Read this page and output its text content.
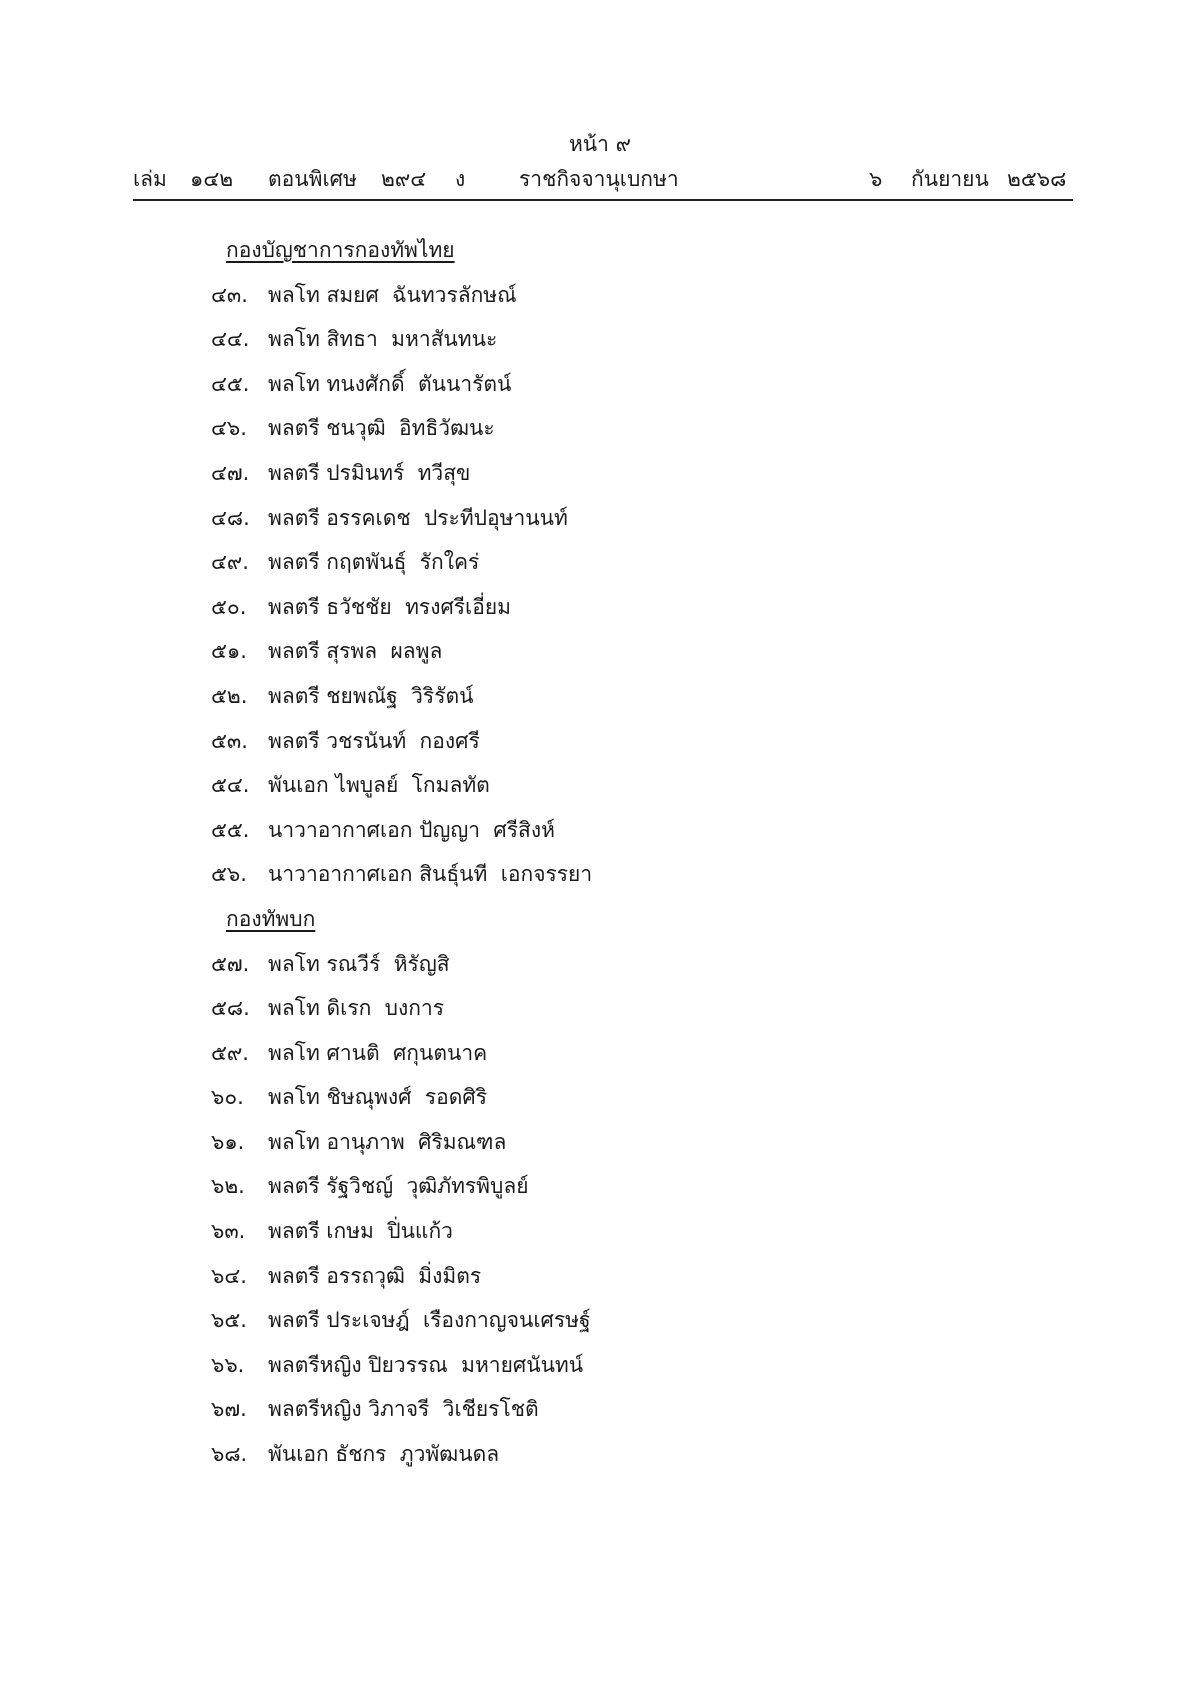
หน้า ๙
เล่ม ๑๔๒ ตอนพิเศษ ๒๙๔ ง	ราชกิจจานุเบกษา	๖ กันยายน ๒๕๖๘
กองบัญชาการกองทัพไทย
๔๓. พลโท สมยศ  ฉันทวรลักษณ์
๔๔. พลโท สิทธา  มหาสันทนะ
๔๕. พลโท ทนงศักดิ์  ตันนารัตน์
๔๖.	พลตรี ชนวุฒิ  อิทธิวัฒนะ
๔๗. พลตรี ปรมินทร์  ทวีสุข
๔๘. พลตรี อรรคเดช  ประทีปอุษานนท์
๔๙. พลตรี กฤตพันธุ์  รักใคร่
๕๐.	พลตรี ธวัชชัย  ทรงศรีเอี่ยม
๕๑.	พลตรี สุรพล  ผลพูล
๕๒. พลตรี ชยพณัฐ  วิริรัตน์
๕๓. พลตรี วชรนันท์  กองศรี
๕๔. พันเอก ไพบูลย์  โกมลทัต
๕๕. นาวาอากาศเอก ปัญญา  ศรีสิงห์
๕๖.	นาวาอากาศเอก สินธุ์นที  เอกจรรยา
กองทัพบก
๕๗. พลโท รณวีร์  หิรัญสิ
๕๘. พลโท ดิเรก  บงการ
๕๙. พลโท ศานติ  ศกุนตนาค
๖๐.	พลโท ชิษณุพงศ์  รอดศิริ
๖๑.	พลโท อานุภาพ  ศิริมณฑล
๖๒.	พลตรี รัฐวิชญ์  วุฒิภัทรพิบูลย์
๖๓.	พลตรี เกษม  ปิ่นแก้ว
๖๔.	พลตรี อรรถวุฒิ  มิ่งมิตร
๖๕.	พลตรี ประเจษฎ์  เรืองกาญจนเศรษฐ์
๖๖.	พลตรีหญิง ปิยวรรณ  มหายศนันทน์
๖๗.	พลตรีหญิง วิภาจรี  วิเชียรโชติ
๖๘. พันเอก ธัชกร  ภูวพัฒนดล
